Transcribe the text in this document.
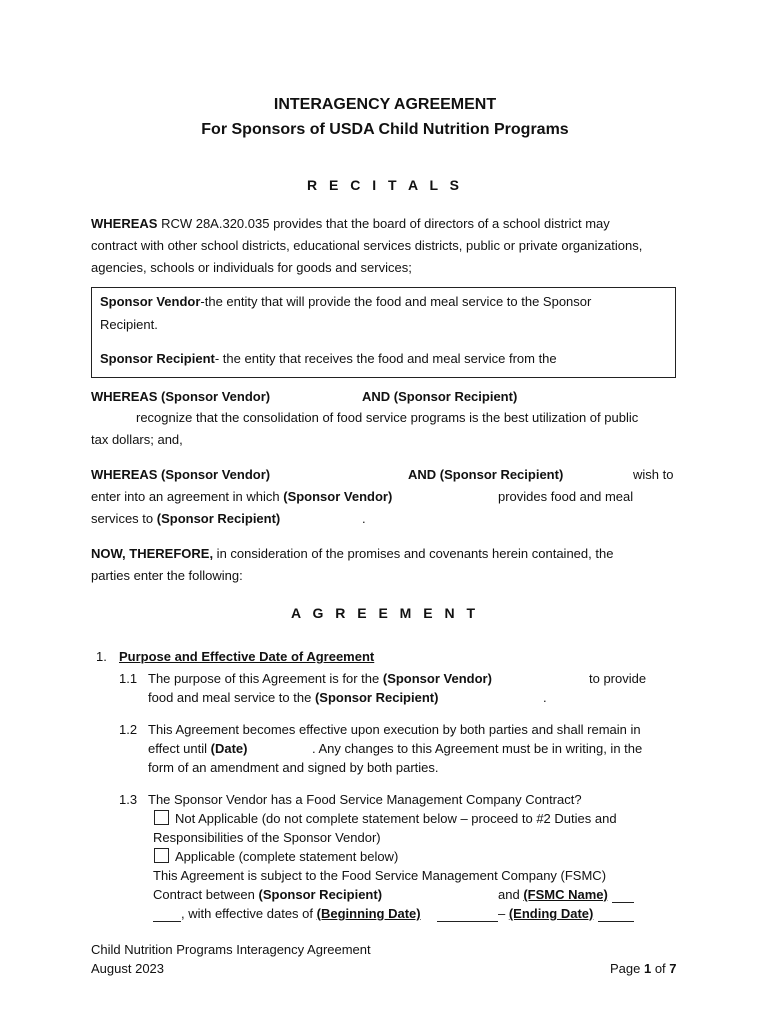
INTERAGENCY AGREEMENT
For Sponsors of USDA Child Nutrition Programs
R E C I T A L S
WHEREAS RCW 28A.320.035 provides that the board of directors of a school district may
contract with other school districts, educational services districts, public or private organizations,
agencies, schools or individuals for goods and services;
Sponsor Vendor-the entity that will provide the food and meal service to the Sponsor
Recipient.
Sponsor Recipient- the entity that receives the food and meal service from the
WHEREAS (Sponsor Vendor)	AND (Sponsor Recipient)
recognize that the consolidation of food service programs is the best utilization of public
tax dollars; and,
WHEREAS (Sponsor Vendor)	AND (Sponsor Recipient)	wish to
enter into an agreement in which (Sponsor Vendor)	provides food and meal
services to (Sponsor Recipient)	.
NOW, THEREFORE, in consideration of the promises and covenants herein contained, the
parties enter the following:
A G R E E M E N T
1. Purpose and Effective Date of Agreement
1.1 The purpose of this Agreement is for the (Sponsor Vendor)	to provide
food and meal service to the (Sponsor Recipient)	.
1.2 This Agreement becomes effective upon execution by both parties and shall remain in
effect until (Date)	. Any changes to this Agreement must be in writing, in the
form of an amendment and signed by both parties.
1.3 The Sponsor Vendor has a Food Service Management Company Contract?
Not Applicable (do not complete statement below – proceed to #2 Duties and
Responsibilities of the Sponsor Vendor)
Applicable (complete statement below)
This Agreement is subject to the Food Service Management Company (FSMC)
Contract between (Sponsor Recipient)	and (FSMC Name)
, with effective dates of (Beginning Date)	– (Ending Date)
Child Nutrition Programs Interagency Agreement
August 2023	Page 1 of 7
